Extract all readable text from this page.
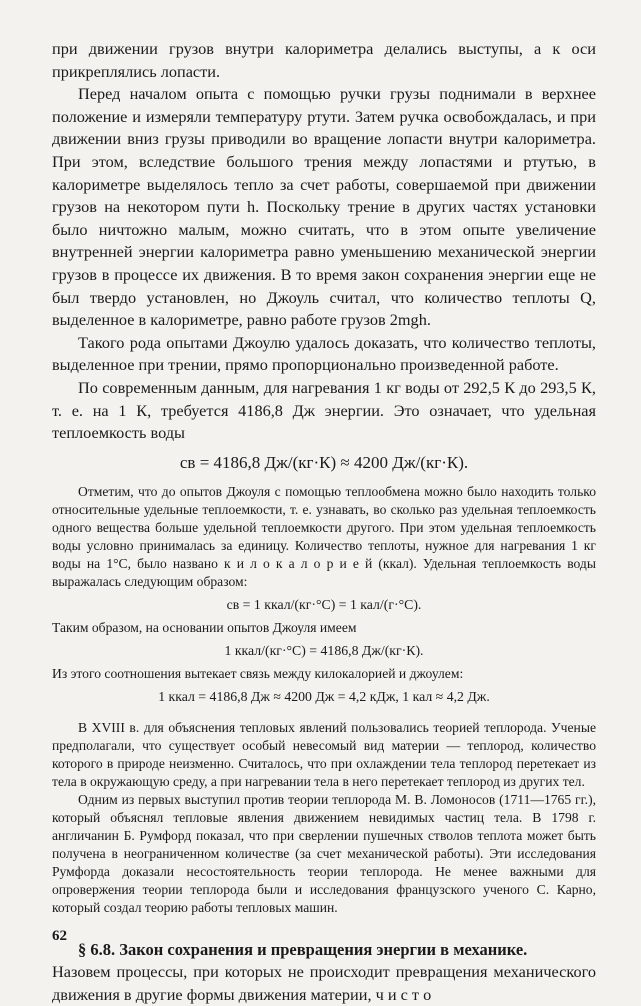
при движении грузов внутри калориметра делались выступы, а к оси прикреплялись лопасти.

Перед началом опыта с помощью ручки грузы поднимали в верхнее положение и измеряли температуру ртути. Затем ручка освобождалась, и при движении вниз грузы приводили во вращение лопасти внутри калориметра. При этом, вследствие большого трения между лопастями и ртутью, в калориметре выделялось тепло за счет работы, совершаемой при движении грузов на некотором пути h. Поскольку трение в других частях установки было ничтожно малым, можно считать, что в этом опыте увеличение внутренней энергии калориметра равно уменьшению механической энергии грузов в процессе их движения. В то время закон сохранения энергии еще не был твердо установлен, но Джоуль считал, что количество теплоты Q, выделенное в калориметре, равно работе грузов 2mgh.

Такого рода опытами Джоулю удалось доказать, что количество теплоты, выделенное при трении, прямо пропорционально произведенной работе.

По современным данным, для нагревания 1 кг воды от 292,5 К до 293,5 К, т. е. на 1 К, требуется 4186,8 Дж энергии. Это означает, что удельная теплоемкость воды

cв = 4186,8 Дж/(кг·К) ≈ 4200 Дж/(кг·К).

Отметим, что до опытов Джоуля с помощью теплообмена можно было находить только относительные удельные теплоемкости, т. е. узнавать, во сколько раз удельная теплоемкость одного вещества больше удельной теплоемкости другого. При этом удельная теплоемкость воды условно принималась за единицу. Количество теплоты, нужное для нагревания 1 кг воды на 1°С, было названо к и л о к а л о р и е й (ккал). Удельная теплоемкость воды выражалась следующим образом:

cв = 1 ккал/(кг·°С) = 1 кал/(г·°С).

Таким образом, на основании опытов Джоуля имеем

1 ккал/(кг·°С) = 4186,8 Дж/(кг·К).

Из этого соотношения вытекает связь между килокалорией и джоулем:

1 ккал = 4186,8 Дж ≈ 4200 Дж = 4,2 кДж, 1 кал ≈ 4,2 Дж.

В XVIII в. для объяснения тепловых явлений пользовались теорией теплорода. Ученые предполагали, что существует особый невесомый вид материи — теплород, количество которого в природе неизменно. Считалось, что при охлаждении тела теплород перетекает из тела в окружающую среду, а при нагревании тела в него перетекает теплород из других тел.

Одним из первых выступил против теории теплорода М. В. Ломоносов (1711—1765 гг.), который объяснял тепловые явления движением невидимых частиц тела. В 1798 г. англичанин Б. Румфорд показал, что при сверлении пушечных стволов теплота может быть получена в неограниченном количестве (за счет механической работы). Эти исследования Румфорда доказали несостоятельность теории теплорода. Не менее важными для опровержения теории теплорода были и исследования французского ученого С. Карно, который создал теорию работы тепловых машин.

§ 6.8. Закон сохранения и превращения энергии в механике.

Назовем процессы, при которых не происходит превращения механического движения в другие формы движения материи, ч и с т о

62
